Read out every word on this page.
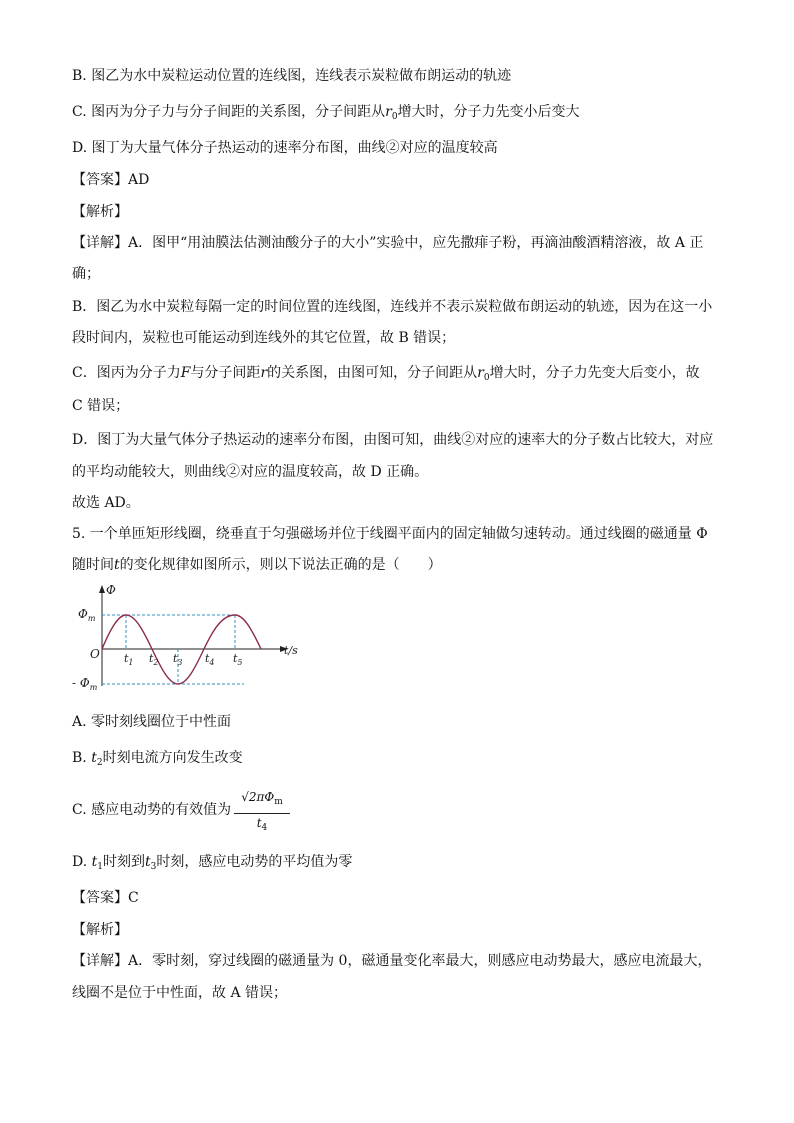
B. 图乙为水中炭粒运动位置的连线图，连线表示炭粒做布朗运动的轨迹
C. 图丙为分子力与分子间距的关系图，分子间距从$r_0$增大时，分子力先变小后变大
D. 图丁为大量气体分子热运动的速率分布图，曲线②对应的温度较高
【答案】AD
【解析】
【详解】A．图甲“用油膜法估测油酸分子的大小”实验中，应先撒痱子粉，再滴油酸酒精溶液，故 A 正
确；
B．图乙为水中炭粒每隔一定的时间位置的连线图，连线并不表示炭粒做布朗运动的轨迹，因为在这一小
段时间内，炭粒也可能运动到连线外的其它位置，故 B 错误；
C．图丙为分子力F与分子间距r的关系图，由图可知，分子间距从$r_0$增大时，分子力先变大后变小，故
C 错误；
D．图丁为大量气体分子热运动的速率分布图，由图可知，曲线②对应的速率大的分子数占比较大，对应
的平均动能较大，则曲线②对应的温度较高，故 D 正确。
故选 AD。
5. 一个单匝矩形线圈，绕垂直于匀强磁场并位于线圈平面内的固定轴做匀速转动。通过线圈的磁通量 Φ
随时间t的变化规律如图所示，则以下说法正确的是（　　）
Φ
t/s
O
$\Phi_m$
- $\Phi_m$
$t_1$ $t_2$ $t_3$ $t_4$ $t_5$
A. 零时刻线圈位于中性面
B. $t_2$时刻电流方向发生改变
C. 感应电动势的有效值为
$√2\pi\Phi_m$
$t_4$
D. $t_1$时刻到$t_3$时刻，感应电动势的平均值为零
【答案】C
【解析】
【详解】A．零时刻，穿过线圈的磁通量为 0，磁通量变化率最大，则感应电动势最大，感应电流最大，
线圈不是位于中性面，故 A 错误；
